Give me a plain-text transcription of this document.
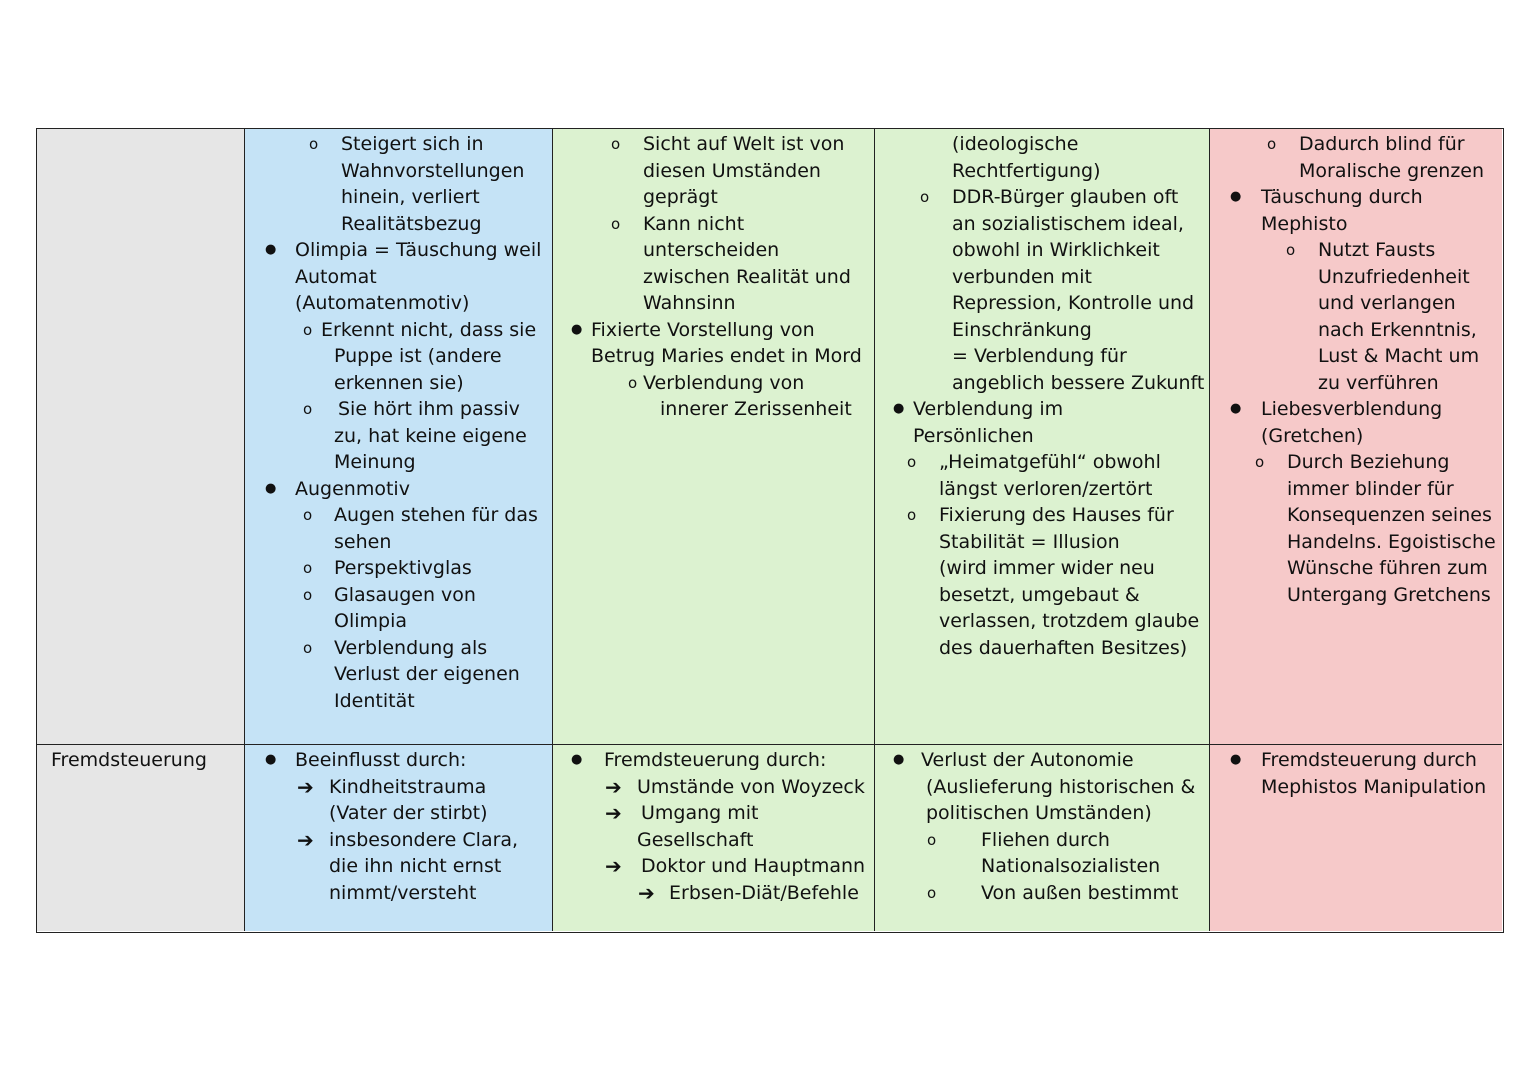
o Steigert sich in
Wahnvorstellungen
hinein, verliert
Realitätsbezug
● Olimpia = Täuschung weil
Automat
(Automatenmotiv)
o Erkennt nicht, dass sie
Puppe ist (andere
erkennen sie)
o Sie hört ihm passiv
zu, hat keine eigene
Meinung
● Augenmotiv
o Augen stehen für das
sehen
o Perspektivglas
o Glasaugen von
Olimpia
o Verblendung als
Verlust der eigenen
Identität
o Sicht auf Welt ist von
diesen Umständen
geprägt
o Kann nicht
unterscheiden
zwischen Realität und
Wahnsinn
● Fixierte Vorstellung von
Betrug Maries endet in Mord
o Verblendung von
innerer Zerissenheit
(ideologische
Rechtfertigung)
o DDR-Bürger glauben oft
an sozialistischem ideal,
obwohl in Wirklichkeit
verbunden mit
Repression, Kontrolle und
Einschränkung
= Verblendung für
angeblich bessere Zukunft
● Verblendung im
Persönlichen
o „Heimatgefühl“ obwohl
längst verloren/zertört
o Fixierung des Hauses für
Stabilität = Illusion
(wird immer wider neu
besetzt, umgebaut &
verlassen, trotzdem glaube
des dauerhaften Besitzes)
o Dadurch blind für
Moralische grenzen
● Täuschung durch
Mephisto
o Nutzt Fausts
Unzufriedenheit
und verlangen
nach Erkenntnis,
Lust & Macht um
zu verführen
● Liebesverblendung
(Gretchen)
o Durch Beziehung
immer blinder für
Konsequenzen seines
Handelns. Egoistische
Wünsche führen zum
Untergang Gretchens
Fremdsteuerung	● Beeinflusst durch:
➔ Kindheitstrauma
(Vater der stirbt)
➔ insbesondere Clara,
die ihn nicht ernst
nimmt/versteht
● Fremdsteuerung durch:
➔ Umstände von Woyzeck
➔ Umgang mit
Gesellschaft
➔ Doktor und Hauptmann
➔ Erbsen-Diät/Befehle
● Verlust der Autonomie
(Auslieferung historischen &
politischen Umständen)
o Fliehen durch
Nationalsozialisten
o Von außen bestimmt
● Fremdsteuerung durch
Mephistos Manipulation
